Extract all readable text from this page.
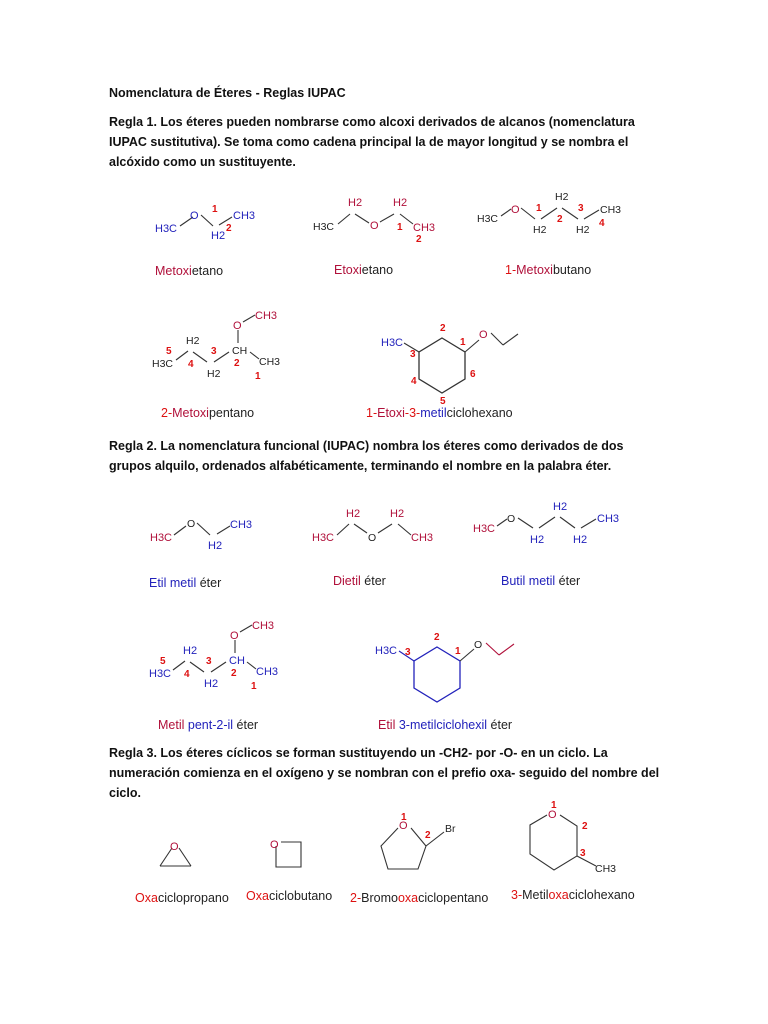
Nomenclatura de Éteres - Reglas IUPAC
Regla 1. Los éteres pueden nombrarse como alcoxi derivados de alcanos (nomenclatura IUPAC sustitutiva). Se toma como cadena principal la de mayor longitud y se nombra el alcóxido como un sustituyente.
Regla 2. La nomenclatura funcional (IUPAC) nombra los éteres como derivados de dos grupos alquilo, ordenados alfabéticamente, terminando el nombre en la palabra éter.
Regla 3. Los éteres cíclicos se forman sustituyendo un -CH2- por -O- en un ciclo. La numeración comienza en el oxígeno y se nombran con el prefio oxa- seguido del nombre del ciclo.
H3C
O
H2
CH3
1
2	H3C
H2
O
H2
CH3
1
2
H3C
O
H2
H2
H2
CH3
1
2
3
4
Metoxietano	Etoxietano	1-Metoxibutano
H3C
H2
H2
CH
O
CH3
CH3
5
4
3
2
1
H3C
O
2
3
1
4
6
5
2-Metoxipentano	1-Etoxi-3-metilciclohexano
H3C
O
H2
CH3
H3C
H2
O
H2
CH3
H3C
O
H2
H2
H2
CH3
Etil metil éter	Dietil éter	Butil metil éter
H3C
H2
H2
CH
O
CH3
CH3
5
4
3
2
1
H3C	O
2
3	1
Metil pent-2-il éter	Etil 3-metilciclohexil éter
O	O
O	Br
1
2
O
CH3
1
2
3
Oxaciclopropano Oxaciclobutano 2-Bromooxaciclopentano 3-Metiloxaciclohexano
